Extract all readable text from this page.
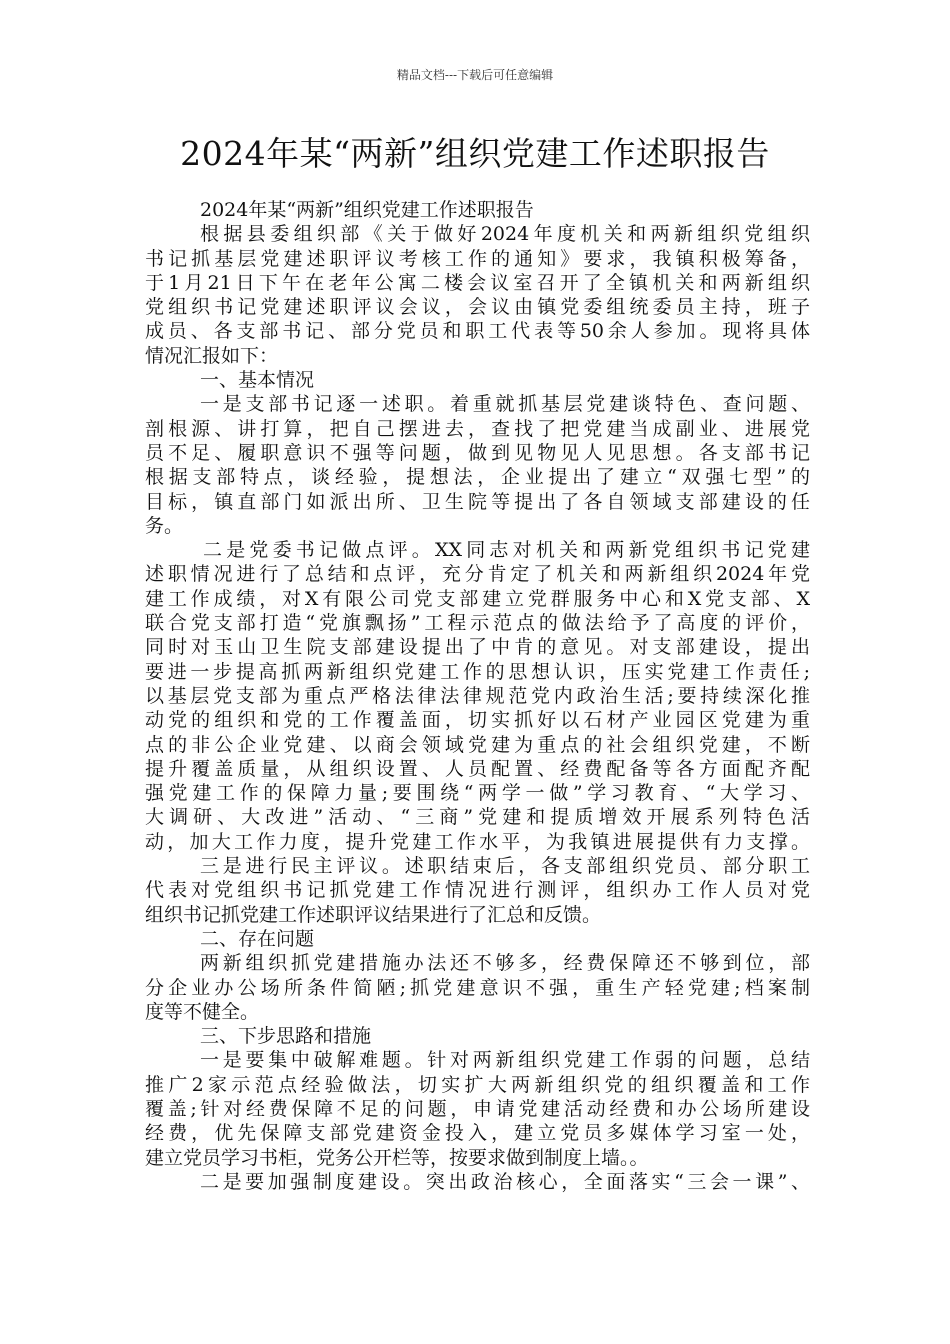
精品文档---下载后可任意编辑
2024年某“两新”组织党建工作述职报告
2024年某“两新”组织党建工作述职报告
根据县委组织部《关于做好2024年度机关和两新组织党组织
书记抓基层党建述职评议考核工作的通知》要求，我镇积极筹备，
于1月21日下午在老年公寓二楼会议室召开了全镇机关和两新组织
党组织书记党建述职评议会议，会议由镇党委组统委员主持，班子
成员、各支部书记、部分党员和职工代表等50余人参加。现将具体
情况汇报如下：
一、基本情况
一是支部书记逐一述职。着重就抓基层党建谈特色、查问题、
剖根源、讲打算，把自己摆进去，查找了把党建当成副业、进展党
员不足、履职意识不强等问题，做到见物见人见思想。各支部书记
根据支部特点，谈经验，提想法，企业提出了建立“双强七型”的
目标，镇直部门如派出所、卫生院等提出了各自领域支部建设的任
务。
二是党委书记做点评。XX同志对机关和两新党组织书记党建
述职情况进行了总结和点评，充分肯定了机关和两新组织2024年党
建工作成绩，对X有限公司党支部建立党群服务中心和X党支部、X
联合党支部打造“党旗飘扬”工程示范点的做法给予了高度的评价，
同时对玉山卫生院支部建设提出了中肯的意见。对支部建设，提出
要进一步提高抓两新组织党建工作的思想认识，压实党建工作责任;
以基层党支部为重点严格法律法律规范党内政治生活;要持续深化推
动党的组织和党的工作覆盖面，切实抓好以石材产业园区党建为重
点的非公企业党建、以商会领域党建为重点的社会组织党建，不断
提升覆盖质量，从组织设置、人员配置、经费配备等各方面配齐配
强党建工作的保障力量;要围绕“两学一做”学习教育、“大学习、
大调研、大改进”活动、“三商”党建和提质增效开展系列特色活
动，加大工作力度，提升党建工作水平，为我镇进展提供有力支撑。
三是进行民主评议。述职结束后，各支部组织党员、部分职工
代表对党组织书记抓党建工作情况进行测评，组织办工作人员对党
组织书记抓党建工作述职评议结果进行了汇总和反馈。
二、存在问题
两新组织抓党建措施办法还不够多，经费保障还不够到位，部
分企业办公场所条件简陋;抓党建意识不强，重生产轻党建;档案制
度等不健全。
三、下步思路和措施
一是要集中破解难题。针对两新组织党建工作弱的问题，总结
推广2家示范点经验做法，切实扩大两新组织党的组织覆盖和工作
覆盖;针对经费保障不足的问题，申请党建活动经费和办公场所建设
经费，优先保障支部党建资金投入，建立党员多媒体学习室一处，
建立党员学习书柜，党务公开栏等，按要求做到制度上墙。。
二是要加强制度建设。突出政治核心，全面落实“三会一课”、
